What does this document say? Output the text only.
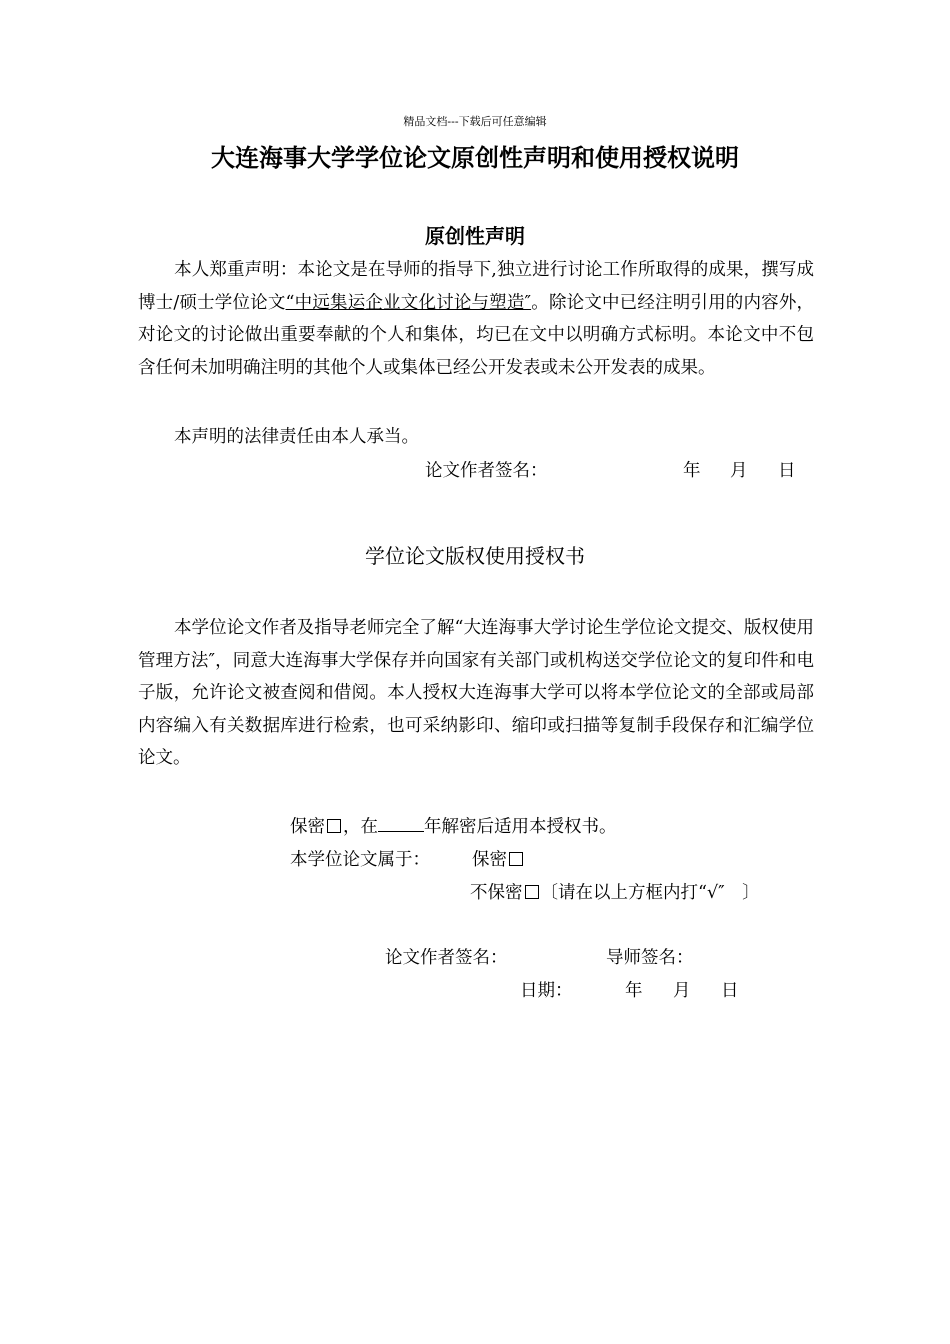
精品文档---下载后可任意编辑
大连海事大学学位论文原创性声明和使用授权说明
原创性声明

本人郑重声明：本论文是在导师的指导下,独立进行讨论工作所取得的成果，撰写成博士/硕士学位论文“中远集运企业文化讨论与塑造″。除论文中已经注明引用的内容外，对论文的讨论做出重要奉献的个人和集体，均已在文中以明确方式标明。本论文中不包含任何未加明确注明的其他个人或集体已经公开发表或未公开发表的成果。

本声明的法律责任由本人承当。

论文作者签名：	年 月 日
学位论文版权使用授权书

本学位论文作者及指导老师完全了解“大连海事大学讨论生学位论文提交、版权使用管理方法″，同意大连海事大学保存并向国家有关部门或机构送交学位论文的复印件和电子版，允许论文被查阅和借阅。本人授权大连海事大学可以将本学位论文的全部或局部内容编入有关数据库进行检索，也可采纳影印、缩印或扫描等复制手段保存和汇编学位论文。

保密 ，在	年解密后适用本授权书。
本学位论文属于： 保密
不保密 〔请在以上方框内打“√″　〕
论文作者签名：	导师签名：
日期：	年 月 日
